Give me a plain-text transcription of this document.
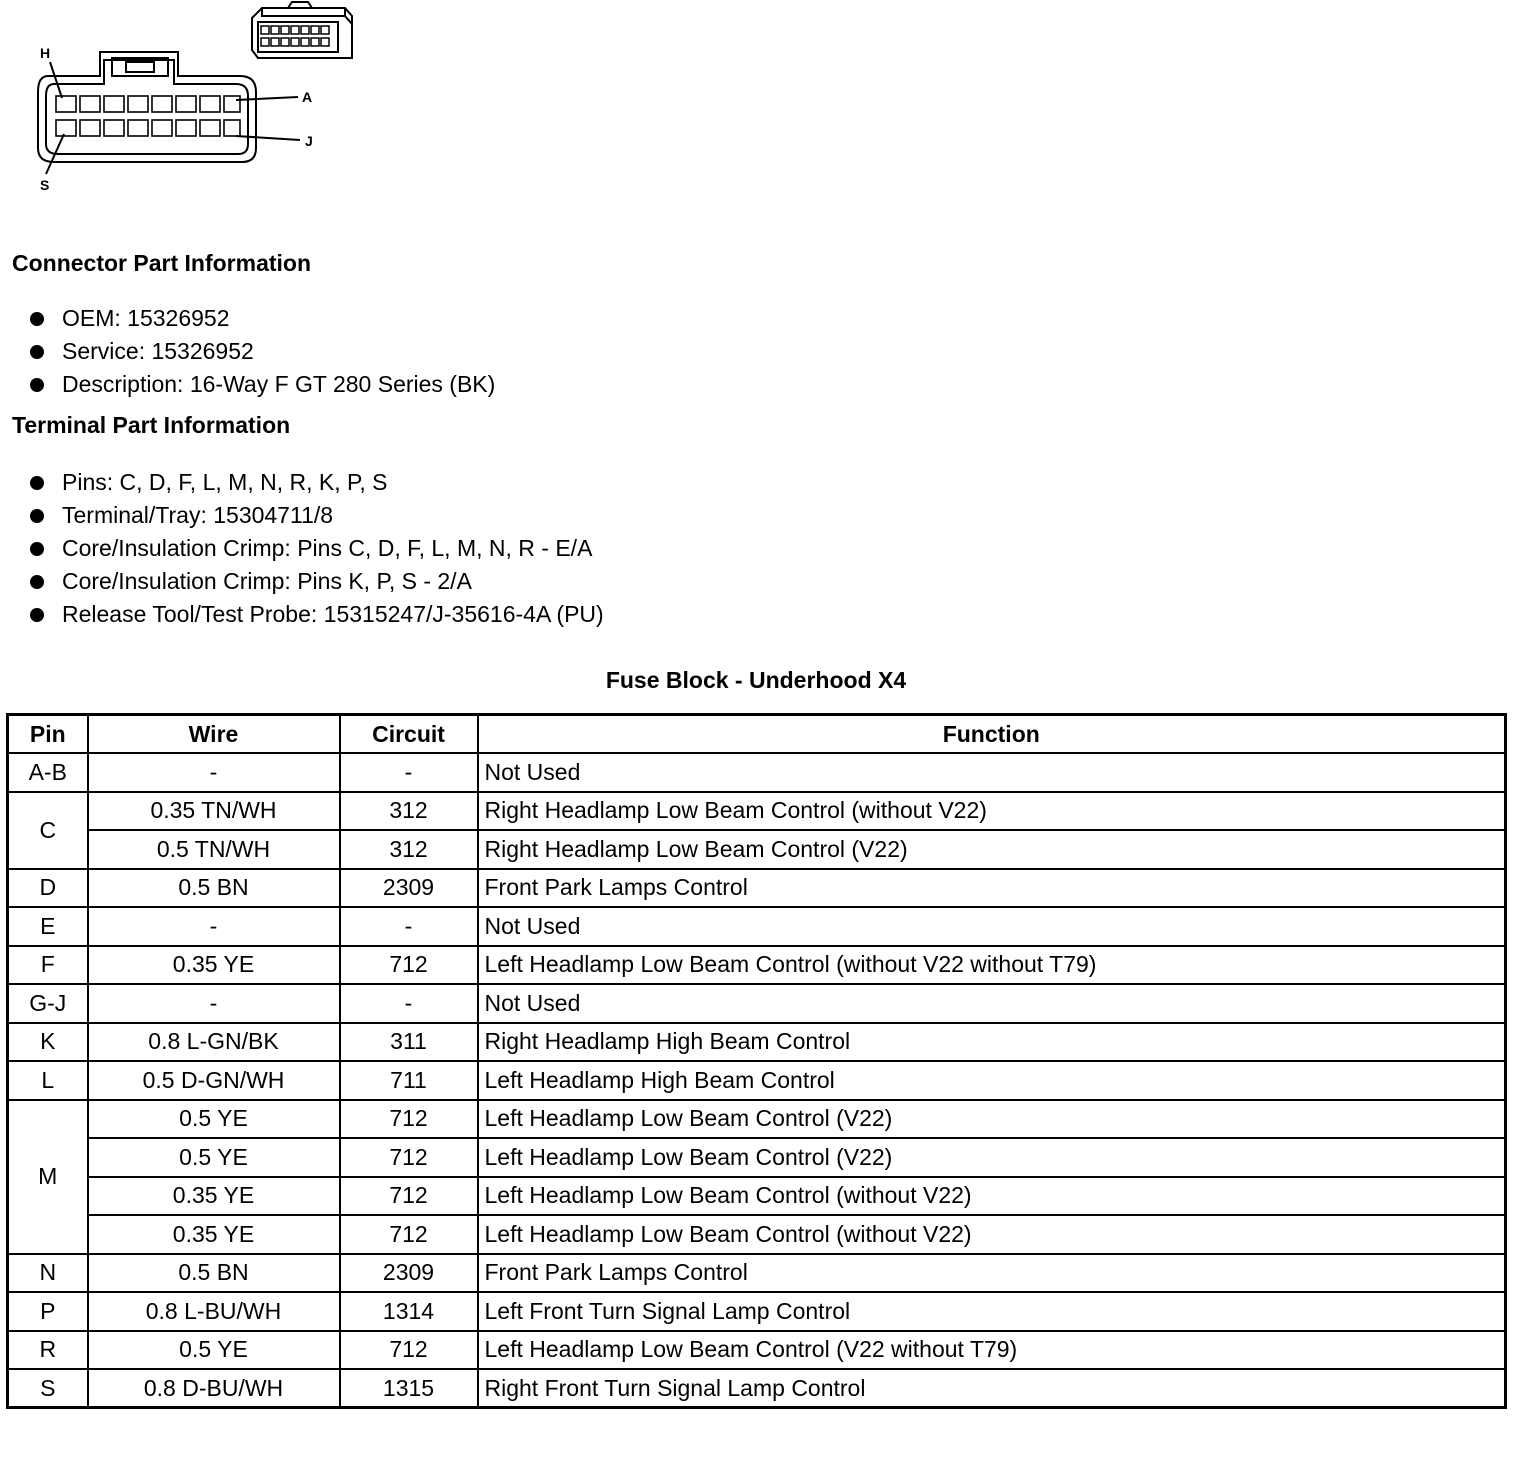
H
A
J
S
Connector Part Information
OEM: 15326952
Service: 15326952
Description: 16-Way F GT 280 Series (BK)
Terminal Part Information
Pins: C, D, F, L, M, N, R, K, P, S
Terminal/Tray: 15304711/8
Core/Insulation Crimp: Pins C, D, F, L, M, N, R - E/A
Core/Insulation Crimp: Pins K, P, S - 2/A
Release Tool/Test Probe: 15315247/J-35616-4A (PU)
Fuse Block - Underhood X4
Pin	Wire	Circuit	Function
A-B	-	-	Not Used
C	0.35 TN/WH	312	Right Headlamp Low Beam Control (without V22)
	0.5 TN/WH	312	Right Headlamp Low Beam Control (V22)
D	0.5 BN	2309	Front Park Lamps Control
E	-	-	Not Used
F	0.35 YE	712	Left Headlamp Low Beam Control (without V22 without T79)
G-J	-	-	Not Used
K	0.8 L-GN/BK	311	Right Headlamp High Beam Control
L	0.5 D-GN/WH	711	Left Headlamp High Beam Control
M	0.5 YE	712	Left Headlamp Low Beam Control (V22)
	0.5 YE	712	Left Headlamp Low Beam Control (V22)
	0.35 YE	712	Left Headlamp Low Beam Control (without V22)
	0.35 YE	712	Left Headlamp Low Beam Control (without V22)
N	0.5 BN	2309	Front Park Lamps Control
P	0.8 L-BU/WH	1314	Left Front Turn Signal Lamp Control
R	0.5 YE	712	Left Headlamp Low Beam Control (V22 without T79)
S	0.8 D-BU/WH	1315	Right Front Turn Signal Lamp Control
